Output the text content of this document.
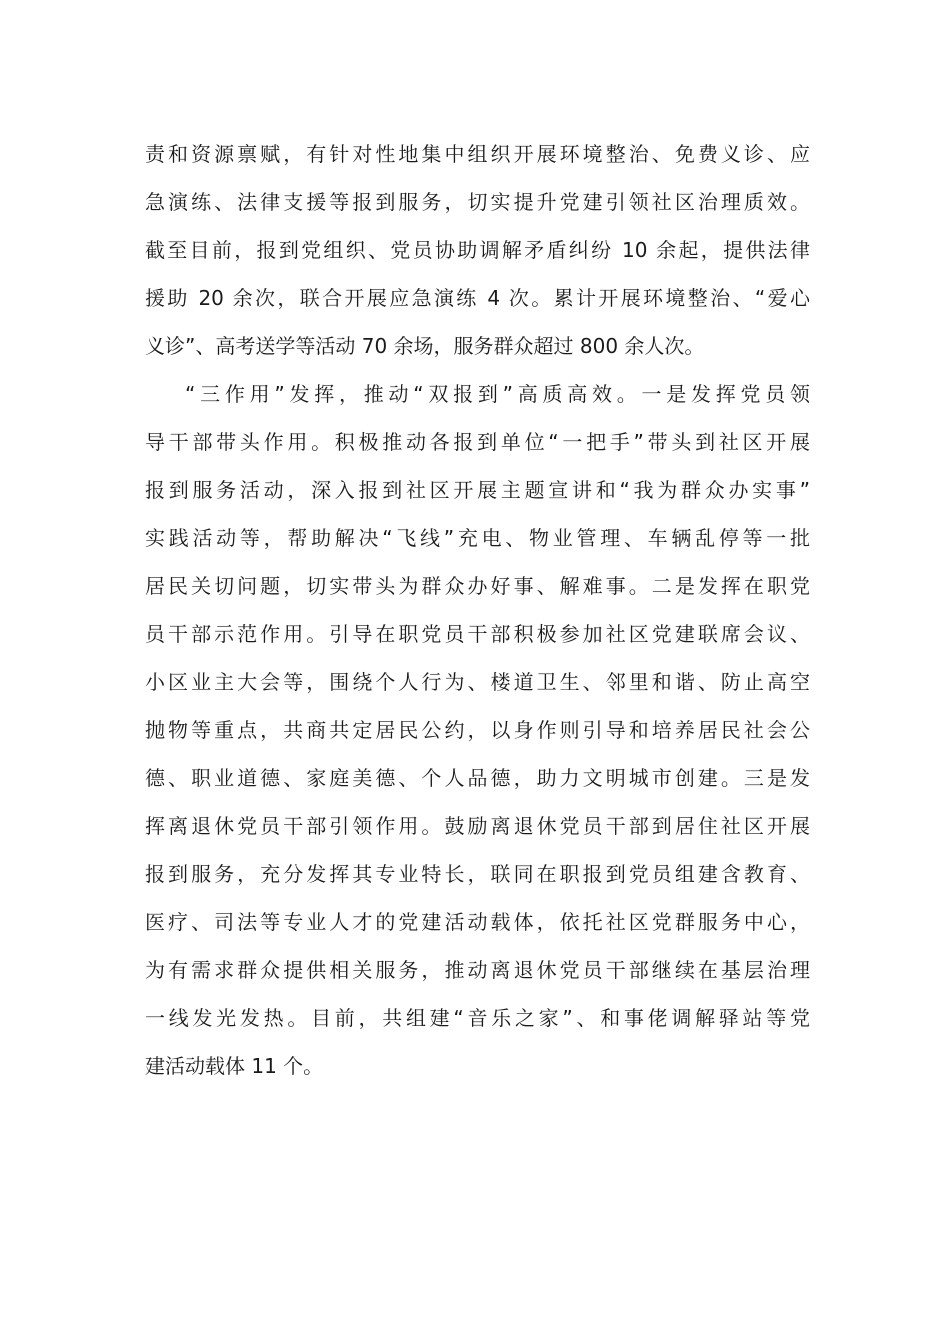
责和资源禀赋，有针对性地集中组织开展环境整治、免费义诊、应
急演练、法律支援等报到服务，切实提升党建引领社区治理质效。
截至目前，报到党组织、党员协助调解矛盾纠纷 10 余起，提供法律
援助 20 余次，联合开展应急演练 4 次。累计开展环境整治、“爱心
义诊”、高考送学等活动 70 余场，服务群众超过 800 余人次。
“三作用”发挥，推动“双报到”高质高效。一是发挥党员领
导干部带头作用。积极推动各报到单位“一把手”带头到社区开展
报到服务活动，深入报到社区开展主题宣讲和“我为群众办实事”
实践活动等，帮助解决“飞线”充电、物业管理、车辆乱停等一批
居民关切问题，切实带头为群众办好事、解难事。二是发挥在职党
员干部示范作用。引导在职党员干部积极参加社区党建联席会议、
小区业主大会等，围绕个人行为、楼道卫生、邻里和谐、防止高空
抛物等重点，共商共定居民公约，以身作则引导和培养居民社会公
德、职业道德、家庭美德、个人品德，助力文明城市创建。三是发
挥离退休党员干部引领作用。鼓励离退休党员干部到居住社区开展
报到服务，充分发挥其专业特长，联同在职报到党员组建含教育、
医疗、司法等专业人才的党建活动载体，依托社区党群服务中心，
为有需求群众提供相关服务，推动离退休党员干部继续在基层治理
一线发光发热。目前，共组建“音乐之家”、和事佬调解驿站等党
建活动载体 11 个。
